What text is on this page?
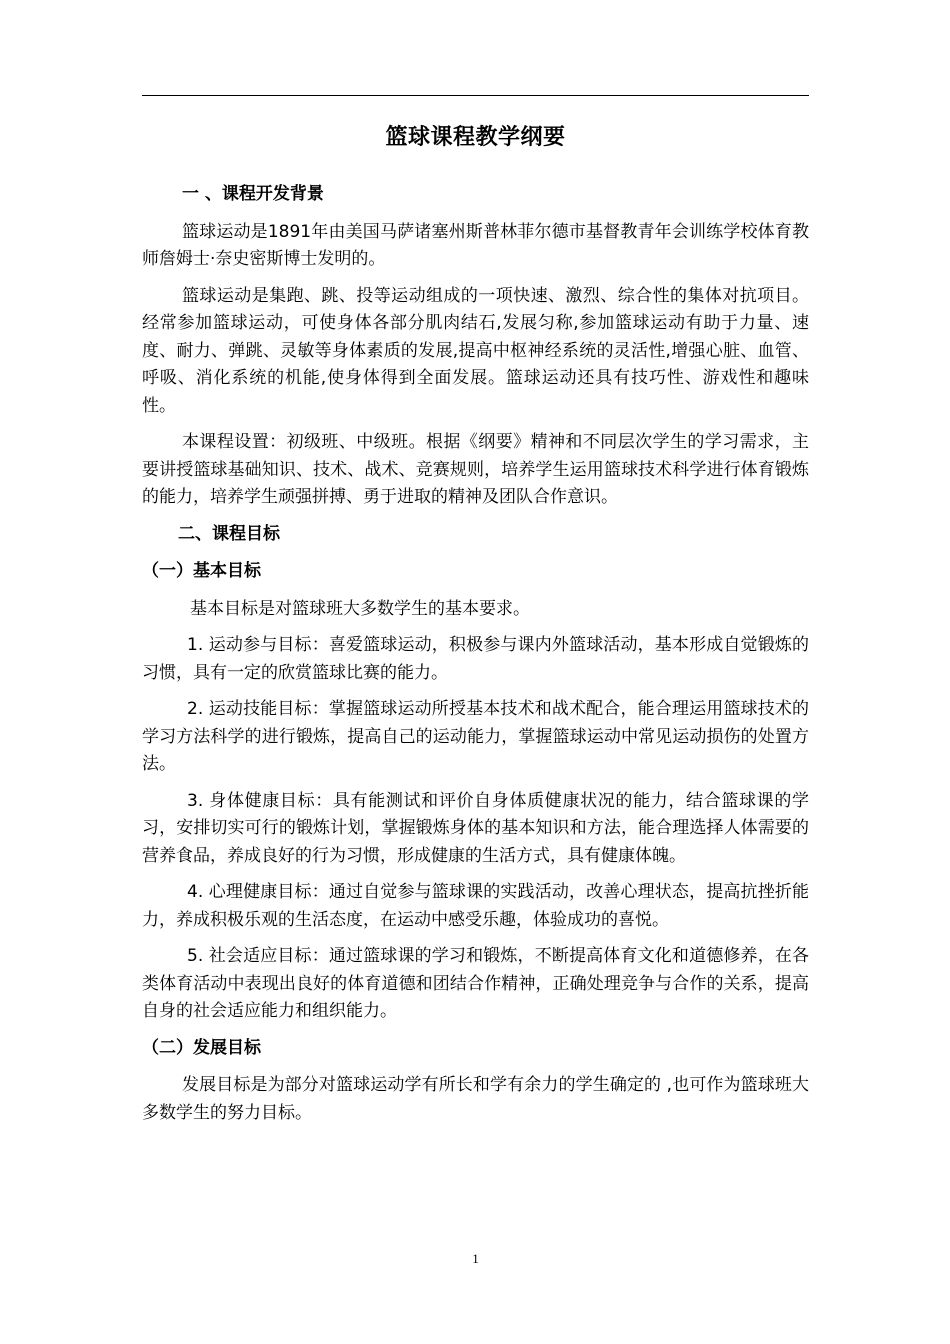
篮球课程教学纲要
一 、课程开发背景

篮球运动是1891年由美国马萨诸塞州斯普林菲尔德市基督教青年会训练学校体育教师詹姆士·奈史密斯博士发明的。

篮球运动是集跑、跳、投等运动组成的一项快速、激烈、综合性的集体对抗项目。经常参加篮球运动，可使身体各部分肌肉结石,发展匀称,参加篮球运动有助于力量、速度、耐力、弹跳、灵敏等身体素质的发展,提高中枢神经系统的灵活性,增强心脏、血管、呼吸、消化系统的机能,使身体得到全面发展。篮球运动还具有技巧性、游戏性和趣味性。

本课程设置：初级班、中级班。根据《纲要》精神和不同层次学生的学习需求，主要讲授篮球基础知识、技术、战术、竞赛规则，培养学生运用篮球技术科学进行体育锻炼的能力，培养学生顽强拼搏、勇于进取的精神及团队合作意识。

二、课程目标
（一）基本目标

基本目标是对篮球班大多数学生的基本要求。

1. 运动参与目标：喜爱篮球运动，积极参与课内外篮球活动，基本形成自觉锻炼的习惯，具有一定的欣赏篮球比赛的能力。

2. 运动技能目标：掌握篮球运动所授基本技术和战术配合，能合理运用篮球技术的学习方法科学的进行锻炼，提高自己的运动能力，掌握篮球运动中常见运动损伤的处置方法。

3. 身体健康目标：具有能测试和评价自身体质健康状况的能力，结合篮球课的学习，安排切实可行的锻炼计划，掌握锻炼身体的基本知识和方法，能合理选择人体需要的营养食品，养成良好的行为习惯，形成健康的生活方式，具有健康体魄。

4. 心理健康目标：通过自觉参与篮球课的实践活动，改善心理状态，提高抗挫折能力，养成积极乐观的生活态度，在运动中感受乐趣，体验成功的喜悦。

5. 社会适应目标：通过篮球课的学习和锻炼，不断提高体育文化和道德修养，在各类体育活动中表现出良好的体育道德和团结合作精神，正确处理竞争与合作的关系，提高自身的社会适应能力和组织能力。

（二）发展目标

发展目标是为部分对篮球运动学有所长和学有余力的学生确定的 ,也可作为篮球班大多数学生的努力目标。

1
